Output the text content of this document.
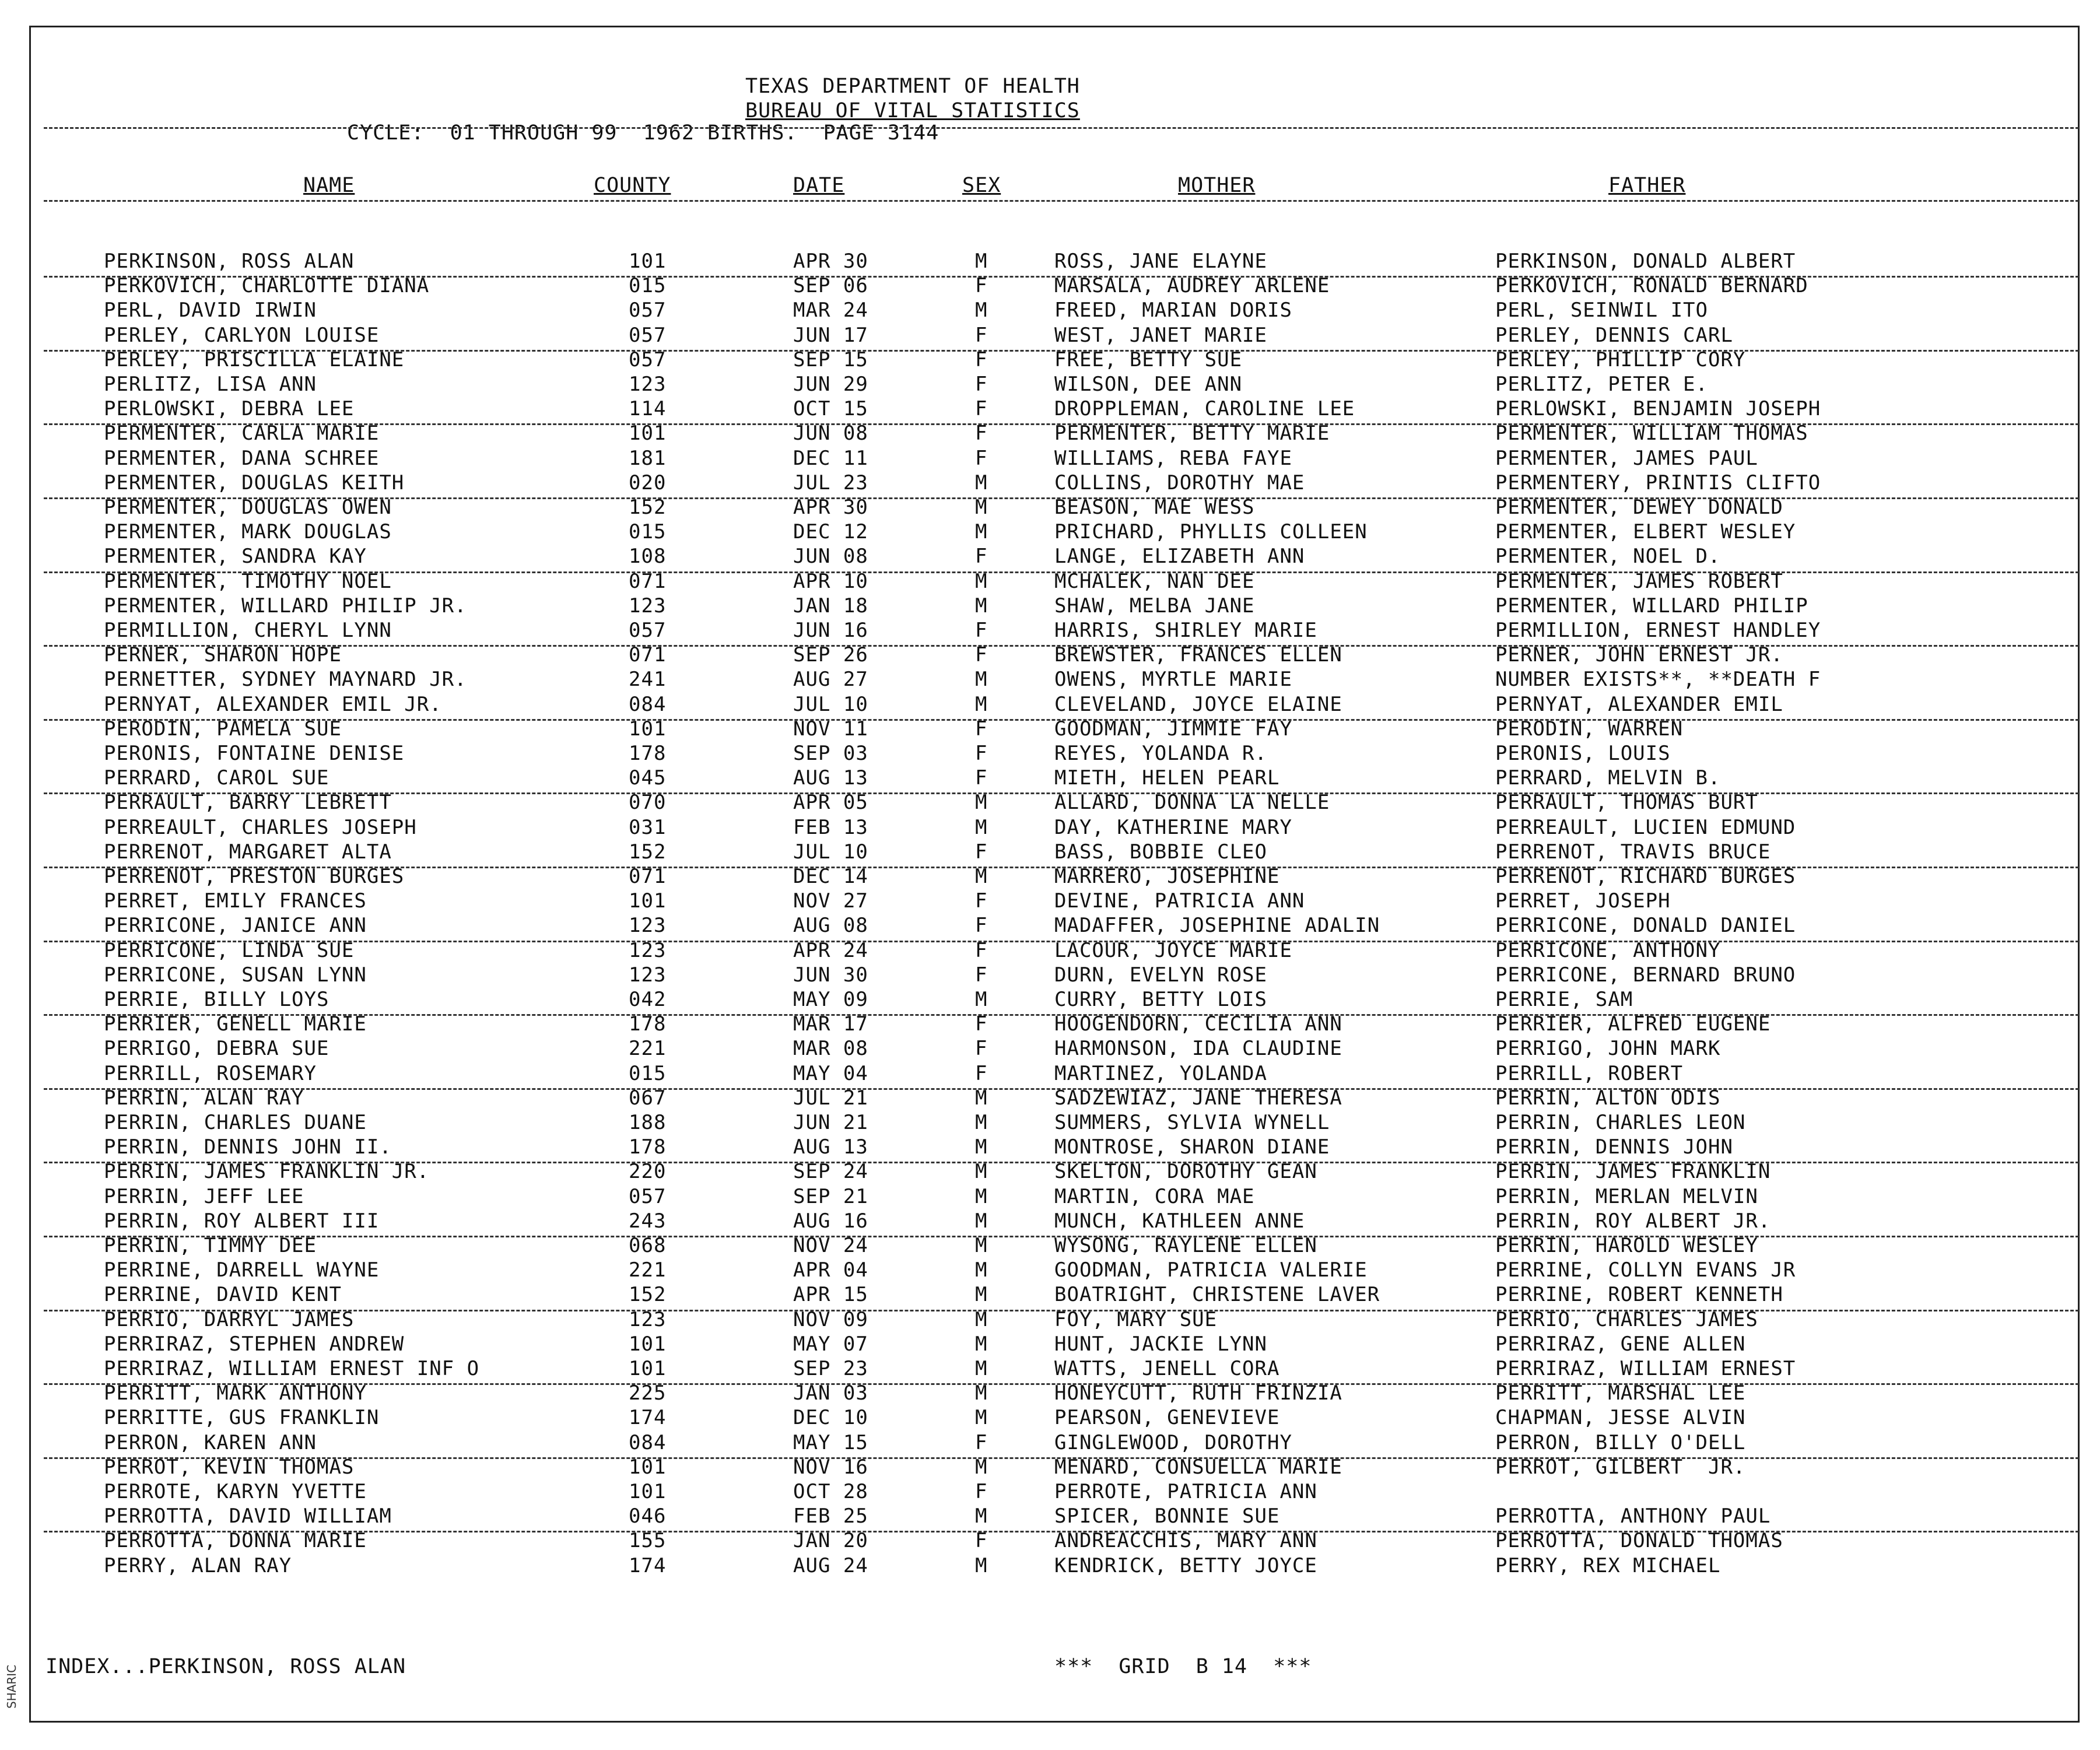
TEXAS DEPARTMENT OF HEALTH
BUREAU OF VITAL STATISTICS
CYCLE:  01 THROUGH 99  1962 BIRTHS.  PAGE 3144
NAME	COUNTY	DATE	SEX	MOTHER	FATHER
PERKINSON, ROSS ALAN	101	APR 30	M	ROSS, JANE ELAYNE	PERKINSON, DONALD ALBERT
PERKOVICH, CHARLOTTE DIANA	015	SEP 06	F	MARSALA, AUDREY ARLENE	PERKOVICH, RONALD BERNARD
PERL, DAVID IRWIN	057	MAR 24	M	FREED, MARIAN DORIS	PERL, SEINWIL ITO
PERLEY, CARLYON LOUISE	057	JUN 17	F	WEST, JANET MARIE	PERLEY, DENNIS CARL
PERLEY, PRISCILLA ELAINE	057	SEP 15	F	FREE, BETTY SUE	PERLEY, PHILLIP CORY
PERLITZ, LISA ANN	123	JUN 29	F	WILSON, DEE ANN	PERLITZ, PETER E.
PERLOWSKI, DEBRA LEE	114	OCT 15	F	DROPPLEMAN, CAROLINE LEE	PERLOWSKI, BENJAMIN JOSEPH
PERMENTER, CARLA MARIE	101	JUN 08	F	PERMENTER, BETTY MARIE	PERMENTER, WILLIAM THOMAS
PERMENTER, DANA SCHREE	181	DEC 11	F	WILLIAMS, REBA FAYE	PERMENTER, JAMES PAUL
PERMENTER, DOUGLAS KEITH	020	JUL 23	M	COLLINS, DOROTHY MAE	PERMENTERY, PRINTIS CLIFTO
PERMENTER, DOUGLAS OWEN	152	APR 30	M	BEASON, MAE WESS	PERMENTER, DEWEY DONALD
PERMENTER, MARK DOUGLAS	015	DEC 12	M	PRICHARD, PHYLLIS COLLEEN	PERMENTER, ELBERT WESLEY
PERMENTER, SANDRA KAY	108	JUN 08	F	LANGE, ELIZABETH ANN	PERMENTER, NOEL D.
PERMENTER, TIMOTHY NOEL	071	APR 10	M	MCHALEK, NAN DEE	PERMENTER, JAMES ROBERT
PERMENTER, WILLARD PHILIP JR.	123	JAN 18	M	SHAW, MELBA JANE	PERMENTER, WILLARD PHILIP
PERMILLION, CHERYL LYNN	057	JUN 16	F	HARRIS, SHIRLEY MARIE	PERMILLION, ERNEST HANDLEY
PERNER, SHARON HOPE	071	SEP 26	F	BREWSTER, FRANCES ELLEN	PERNER, JOHN ERNEST JR.
PERNETTER, SYDNEY MAYNARD JR.	241	AUG 27	M	OWENS, MYRTLE MARIE	NUMBER EXISTS**, **DEATH F
PERNYAT, ALEXANDER EMIL JR.	084	JUL 10	M	CLEVELAND, JOYCE ELAINE	PERNYAT, ALEXANDER EMIL
PERODIN, PAMELA SUE	101	NOV 11	F	GOODMAN, JIMMIE FAY	PERODIN, WARREN
PERONIS, FONTAINE DENISE	178	SEP 03	F	REYES, YOLANDA R.	PERONIS, LOUIS
PERRARD, CAROL SUE	045	AUG 13	F	MIETH, HELEN PEARL	PERRARD, MELVIN B.
PERRAULT, BARRY LEBRETT	070	APR 05	M	ALLARD, DONNA LA NELLE	PERRAULT, THOMAS BURT
PERREAULT, CHARLES JOSEPH	031	FEB 13	M	DAY, KATHERINE MARY	PERREAULT, LUCIEN EDMUND
PERRENOT, MARGARET ALTA	152	JUL 10	F	BASS, BOBBIE CLEO	PERRENOT, TRAVIS BRUCE
PERRENOT, PRESTON BURGES	071	DEC 14	M	MARRERO, JOSEPHINE	PERRENOT, RICHARD BURGES
PERRET, EMILY FRANCES	101	NOV 27	F	DEVINE, PATRICIA ANN	PERRET, JOSEPH
PERRICONE, JANICE ANN	123	AUG 08	F	MADAFFER, JOSEPHINE ADALIN	PERRICONE, DONALD DANIEL
PERRICONE, LINDA SUE	123	APR 24	F	LACOUR, JOYCE MARIE	PERRICONE, ANTHONY
PERRICONE, SUSAN LYNN	123	JUN 30	F	DURN, EVELYN ROSE	PERRICONE, BERNARD BRUNO
PERRIE, BILLY LOYS	042	MAY 09	M	CURRY, BETTY LOIS	PERRIE, SAM
PERRIER, GENELL MARIE	178	MAR 17	F	HOOGENDORN, CECILIA ANN	PERRIER, ALFRED EUGENE
PERRIGO, DEBRA SUE	221	MAR 08	F	HARMONSON, IDA CLAUDINE	PERRIGO, JOHN MARK
PERRILL, ROSEMARY	015	MAY 04	F	MARTINEZ, YOLANDA	PERRILL, ROBERT
PERRIN, ALAN RAY	067	JUL 21	M	SADZEWIAZ, JANE THERESA	PERRIN, ALTON ODIS
PERRIN, CHARLES DUANE	188	JUN 21	M	SUMMERS, SYLVIA WYNELL	PERRIN, CHARLES LEON
PERRIN, DENNIS JOHN II.	178	AUG 13	M	MONTROSE, SHARON DIANE	PERRIN, DENNIS JOHN
PERRIN, JAMES FRANKLIN JR.	220	SEP 24	M	SKELTON, DOROTHY GEAN	PERRIN, JAMES FRANKLIN
PERRIN, JEFF LEE	057	SEP 21	M	MARTIN, CORA MAE	PERRIN, MERLAN MELVIN
PERRIN, ROY ALBERT III	243	AUG 16	M	MUNCH, KATHLEEN ANNE	PERRIN, ROY ALBERT JR.
PERRIN, TIMMY DEE	068	NOV 24	M	WYSONG, RAYLENE ELLEN	PERRIN, HAROLD WESLEY
PERRINE, DARRELL WAYNE	221	APR 04	M	GOODMAN, PATRICIA VALERIE	PERRINE, COLLYN EVANS JR
PERRINE, DAVID KENT	152	APR 15	M	BOATRIGHT, CHRISTENE LAVER	PERRINE, ROBERT KENNETH
PERRIO, DARRYL JAMES	123	NOV 09	M	FOY, MARY SUE	PERRIO, CHARLES JAMES
PERRIRAZ, STEPHEN ANDREW	101	MAY 07	M	HUNT, JACKIE LYNN	PERRIRAZ, GENE ALLEN
PERRIRAZ, WILLIAM ERNEST INF O	101	SEP 23	M	WATTS, JENELL CORA	PERRIRAZ, WILLIAM ERNEST
PERRITT, MARK ANTHONY	225	JAN 03	M	HONEYCUTT, RUTH FRINZIA	PERRITT, MARSHAL LEE
PERRITTE, GUS FRANKLIN	174	DEC 10	M	PEARSON, GENEVIEVE	CHAPMAN, JESSE ALVIN
PERRON, KAREN ANN	084	MAY 15	F	GINGLEWOOD, DOROTHY	PERRON, BILLY O'DELL
PERROT, KEVIN THOMAS	101	NOV 16	M	MENARD, CONSUELLA MARIE	PERROT, GILBERT  JR.
PERROTE, KARYN YVETTE	101	OCT 28	F	PERROTE, PATRICIA ANN
PERROTTA, DAVID WILLIAM	046	FEB 25	M	SPICER, BONNIE SUE	PERROTTA, ANTHONY PAUL
PERROTTA, DONNA MARIE	155	JAN 20	F	ANDREACCHIS, MARY ANN	PERROTTA, DONALD THOMAS
PERRY, ALAN RAY	174	AUG 24	M	KENDRICK, BETTY JOYCE	PERRY, REX MICHAEL
INDEX...PERKINSON, ROSS ALAN	***  GRID  B 14  ***
SHARIC
